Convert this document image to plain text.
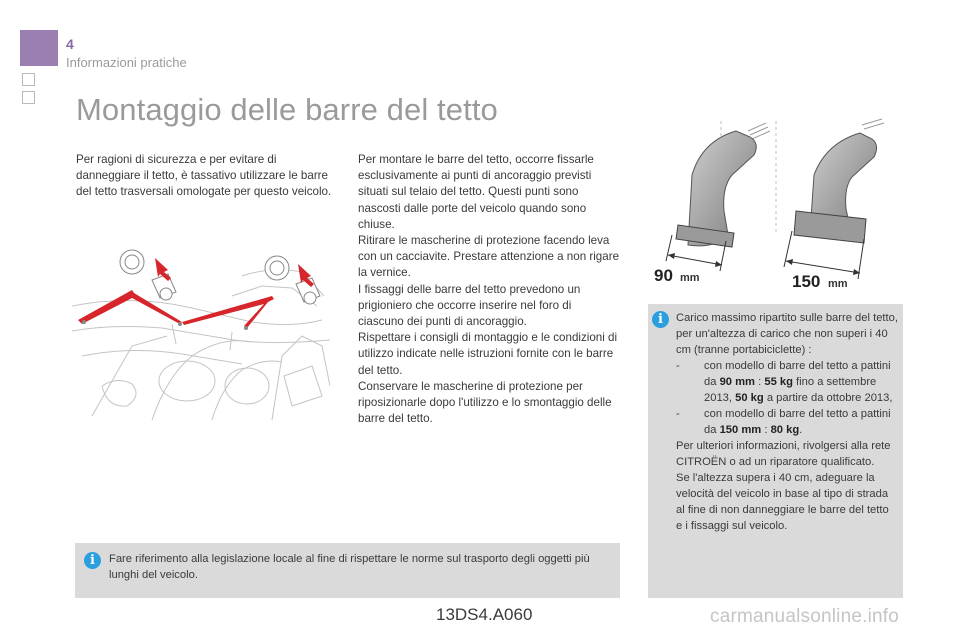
4
Informazioni pratiche
Montaggio delle barre del tetto

Per ragioni di sicurezza e per evitare di danneggiare il tetto, è tassativo utilizzare le barre del tetto trasversali omologate per questo veicolo.

Per montare le barre del tetto, occorre fissarle esclusivamente ai punti di ancoraggio previsti situati sul telaio del tetto. Questi punti sono nascosti dalle porte del veicolo quando sono chiuse.

Ritirare le mascherine di protezione facendo leva con un cacciavite. Prestare attenzione a non rigare la vernice.

I fissaggi delle barre del tetto prevedono un prigioniero che occorre inserire nel foro di ciascuno dei punti di ancoraggio.

Rispettare i consigli di montaggio e le condizioni di utilizzo indicate nelle istruzioni fornite con le barre del tetto.

Conservare le mascherine di protezione per riposizionarle dopo l'utilizzo e lo smontaggio delle barre del tetto.

90 mm	150 mm
i	Carico massimo ripartito sulle barre del tetto, per un'altezza di carico che non superi i 40 cm (tranne portabiciclette) :

-	con modello di barre del tetto a pattini da 90 mm : 55 kg fino a settembre 2013, 50 kg a partire da ottobre 2013,
-	con modello di barre del tetto a pattini da 150 mm : 80 kg.

Per ulteriori informazioni, rivolgersi alla rete CITROËN o ad un riparatore qualificato.

Se l'altezza supera i 40 cm, adeguare la velocità del veicolo in base al tipo di strada al fine di non danneggiare le barre del tetto e i fissaggi sul veicolo.

i	Fare riferimento alla legislazione locale al fine di rispettare le norme sul trasporto degli oggetti più lunghi del veicolo.
13DS4.A060	carmanualsonline.info
